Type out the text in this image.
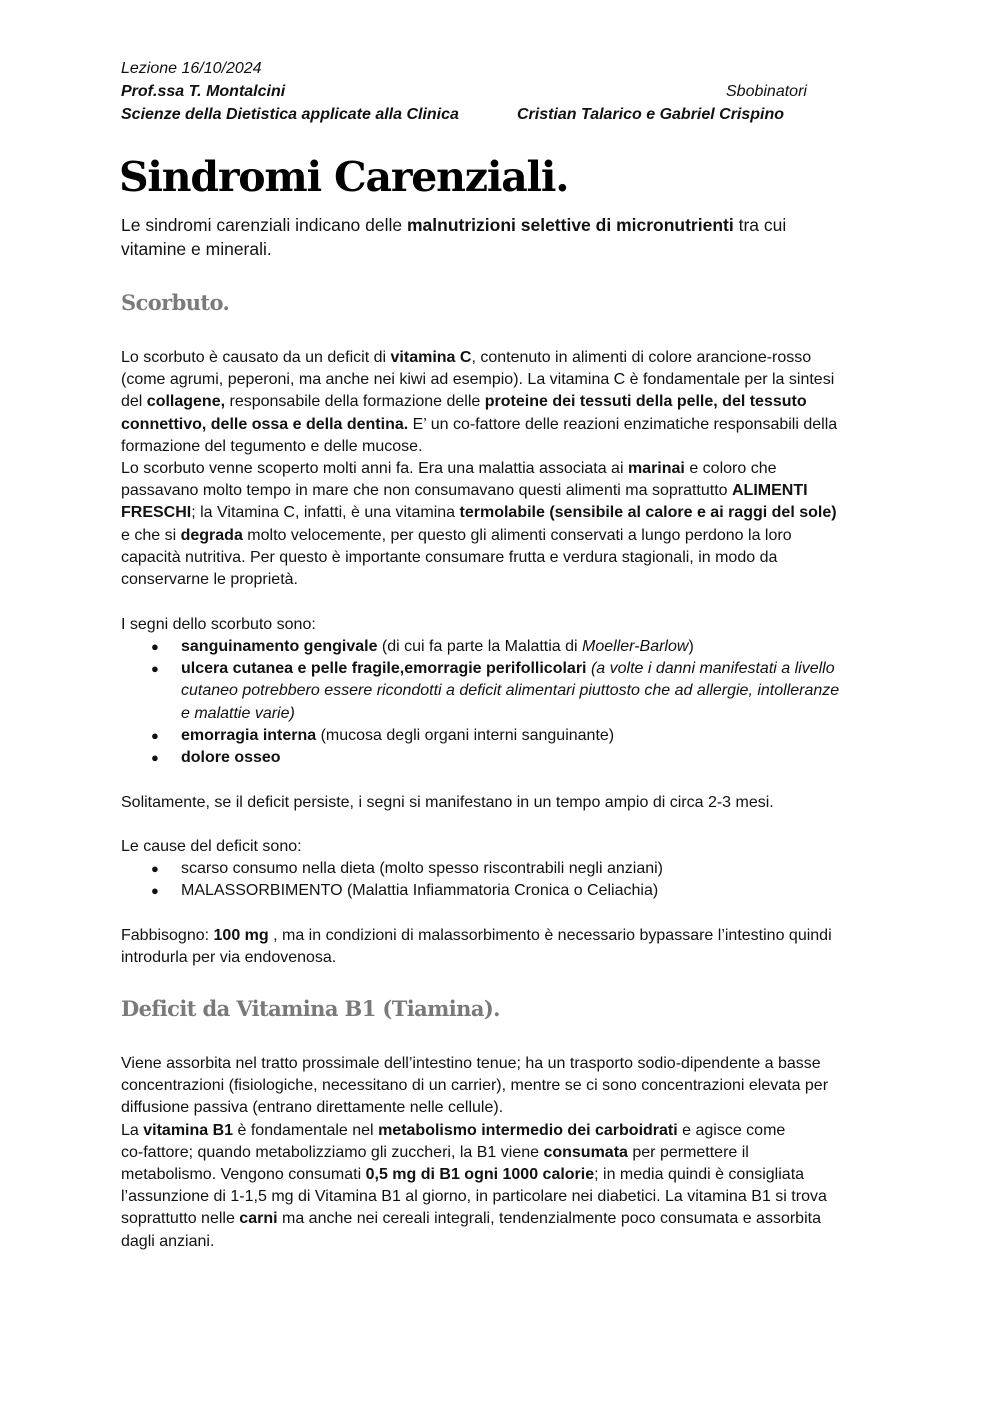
Lezione 16/10/2024
Prof.ssa T. Montalcini	Sbobinatori
Scienze della Dietistica applicate alla Clinica	Cristian Talarico e Gabriel Crispino
Sindromi Carenziali.
Le sindromi carenziali indicano delle malnutrizioni selettive di micronutrienti tra cui
vitamine e minerali.
Scorbuto.
Lo scorbuto è causato da un deficit di vitamina C, contenuto in alimenti di colore arancione-rosso
(come agrumi, peperoni, ma anche nei kiwi ad esempio). La vitamina C è fondamentale per la sintesi
del collagene, responsabile della formazione delle proteine dei tessuti della pelle, del tessuto
connettivo, delle ossa e della dentina. E’ un co-fattore delle reazioni enzimatiche responsabili della
formazione del tegumento e delle mucose.
Lo scorbuto venne scoperto molti anni fa. Era una malattia associata ai marinai e coloro che
passavano molto tempo in mare che non consumavano questi alimenti ma soprattutto ALIMENTI
FRESCHI; la Vitamina C, infatti, è una vitamina termolabile (sensibile al calore e ai raggi del sole)
e che si degrada molto velocemente, per questo gli alimenti conservati a lungo perdono la loro
capacità nutritiva. Per questo è importante consumare frutta e verdura stagionali, in modo da
conservarne le proprietà.
I segni dello scorbuto sono:
● sanguinamento gengivale (di cui fa parte la Malattia di Moeller-Barlow)
● ulcera cutanea e pelle fragile,emorragie perifollicolari (a volte i danni manifestati a livello
cutaneo potrebbero essere ricondotti a deficit alimentari piuttosto che ad allergie, intolleranze
e malattie varie)
● emorragia interna (mucosa degli organi interni sanguinante)
● dolore osseo
Solitamente, se il deficit persiste, i segni si manifestano in un tempo ampio di circa 2-3 mesi.
Le cause del deficit sono:
● scarso consumo nella dieta (molto spesso riscontrabili negli anziani)
● MALASSORBIMENTO (Malattia Infiammatoria Cronica o Celiachia)
Fabbisogno: 100 mg , ma in condizioni di malassorbimento è necessario bypassare l’intestino quindi
introdurla per via endovenosa.
Deficit da Vitamina B1 (Tiamina).
Viene assorbita nel tratto prossimale dell’intestino tenue; ha un trasporto sodio-dipendente a basse
concentrazioni (fisiologiche, necessitano di un carrier), mentre se ci sono concentrazioni elevata per
diffusione passiva (entrano direttamente nelle cellule).
La vitamina B1 è fondamentale nel metabolismo intermedio dei carboidrati e agisce come
co-fattore; quando metabolizziamo gli zuccheri, la B1 viene consumata per permettere il
metabolismo. Vengono consumati 0,5 mg di B1 ogni 1000 calorie; in media quindi è consigliata
l’assunzione di 1-1,5 mg di Vitamina B1 al giorno, in particolare nei diabetici. La vitamina B1 si trova
soprattutto nelle carni ma anche nei cereali integrali, tendenzialmente poco consumata e assorbita
dagli anziani.
